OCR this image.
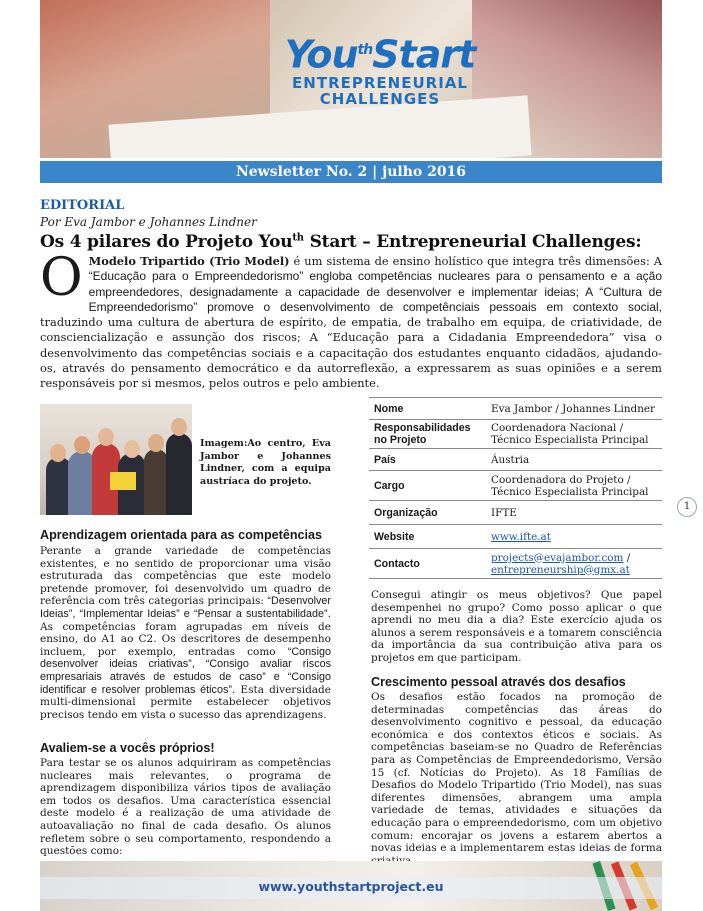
You$^{th}$Start
ENTREPRENEURIAL
CHALLENGES
Newsletter No. 2 | julho 2016
EDITORIAL
Por Eva Jambor e Johannes Lindner
Os 4 pilares do Projeto You$^{th}$ Start – Entrepreneurial Challenges:
O Modelo Tripartido (Trio Model) é um sistema de ensino holístico que integra três dimensões: A “Educação para o Empreendedorismo” engloba competências nucleares para o pensamento e a ação empreendedores, designadamente a capacidade de desenvolver e implementar ideias; A “Cultura de Empreendedorismo” promove o desenvolvimento de competênciais pessoais em contexto social, traduzindo uma cultura de abertura de espírito, de empatia, de trabalho em equipa, de criatividade, de consciencialização e assunção dos riscos; A “Educação para a Cidadania Empreendedora” visa o desenvolvimento das competências sociais e a capacitação dos estudantes enquanto cidadãos, ajudando-os, através do pensamento democrático e da autorreflexão, a expressarem as suas opiniões e a serem responsáveis por si mesmos, pelos outros e pelo ambiente.
Imagem:Ao centro, Eva Jambor e Johannes Lindner, com a equipa austríaca do projeto.
Nome	Eva Jambor / Johannes Lindner
Responsabilidades no Projeto	Coordenadora Nacional / Técnico Especialista Principal
País	Áustria
Cargo	Coordenadora do Projeto / Técnico Especialista Principal
Organização	IFTE
Website	www.ifte.at
Contacto	projects@evajambor.com /
entrepreneurship@gmx.at
1
Aprendizagem orientada para as competências
Perante a grande variedade de competências existentes, e no sentido de proporcionar uma visão estruturada das competências que este modelo pretende promover, foi desenvolvido um quadro de referência com três categorias principais: “Desenvolver Ideias”, “Implementar Ideias” e “Pensar a sustentabilidade”. As competências foram agrupadas em níveis de ensino, do A1 ao C2. Os descritores de desempenho incluem, por exemplo, entradas como “Consigo desenvolver ideias criativas”, “Consigo avaliar riscos empresariais através de estudos de caso” e “Consigo identificar e resolver problemas éticos”. Esta diversidade multi-dimensional permite estabelecer objetivos precisos tendo em vista o sucesso das aprendizagens.
Avaliem-se a vocês próprios!
Para testar se os alunos adquiriram as competências nucleares mais relevantes, o programa de aprendizagem disponibiliza vários tipos de avaliação em todos os desafios. Uma característica essencial deste modelo é a realização de uma atividade de autoavaliação no final de cada desafio. Os alunos refletem sobre o seu comportamento, respondendo a questões como:
Consegui atingir os meus objetivos? Que papel desempenhei no grupo? Como posso aplicar o que aprendi no meu dia a dia? Este exercício ajuda os alunos a serem responsáveis e a tomarem consciência da importância da sua contribuição ativa para os projetos em que participam.
Crescimento pessoal através dos desafios
Os desafios estão focados na promoção de determinadas competências das áreas do desenvolvimento cognitivo e pessoal, da educação económica e dos contextos éticos e sociais. As competências baseiam-se no Quadro de Referências para as Competências de Empreendedorismo, Versão 15 (cf. Notícias do Projeto). As 18 Famílias de Desafios do Modelo Tripartido (Trio Model), nas suas diferentes dimensões, abrangem uma ampla variedade de temas, atividades e situações da educação para o empreendedorismo, com um objetivo comum: encorajar os jovens a estarem abertos a novas ideias e a implementarem estas ideias de forma
www.youthstartproject.eu
